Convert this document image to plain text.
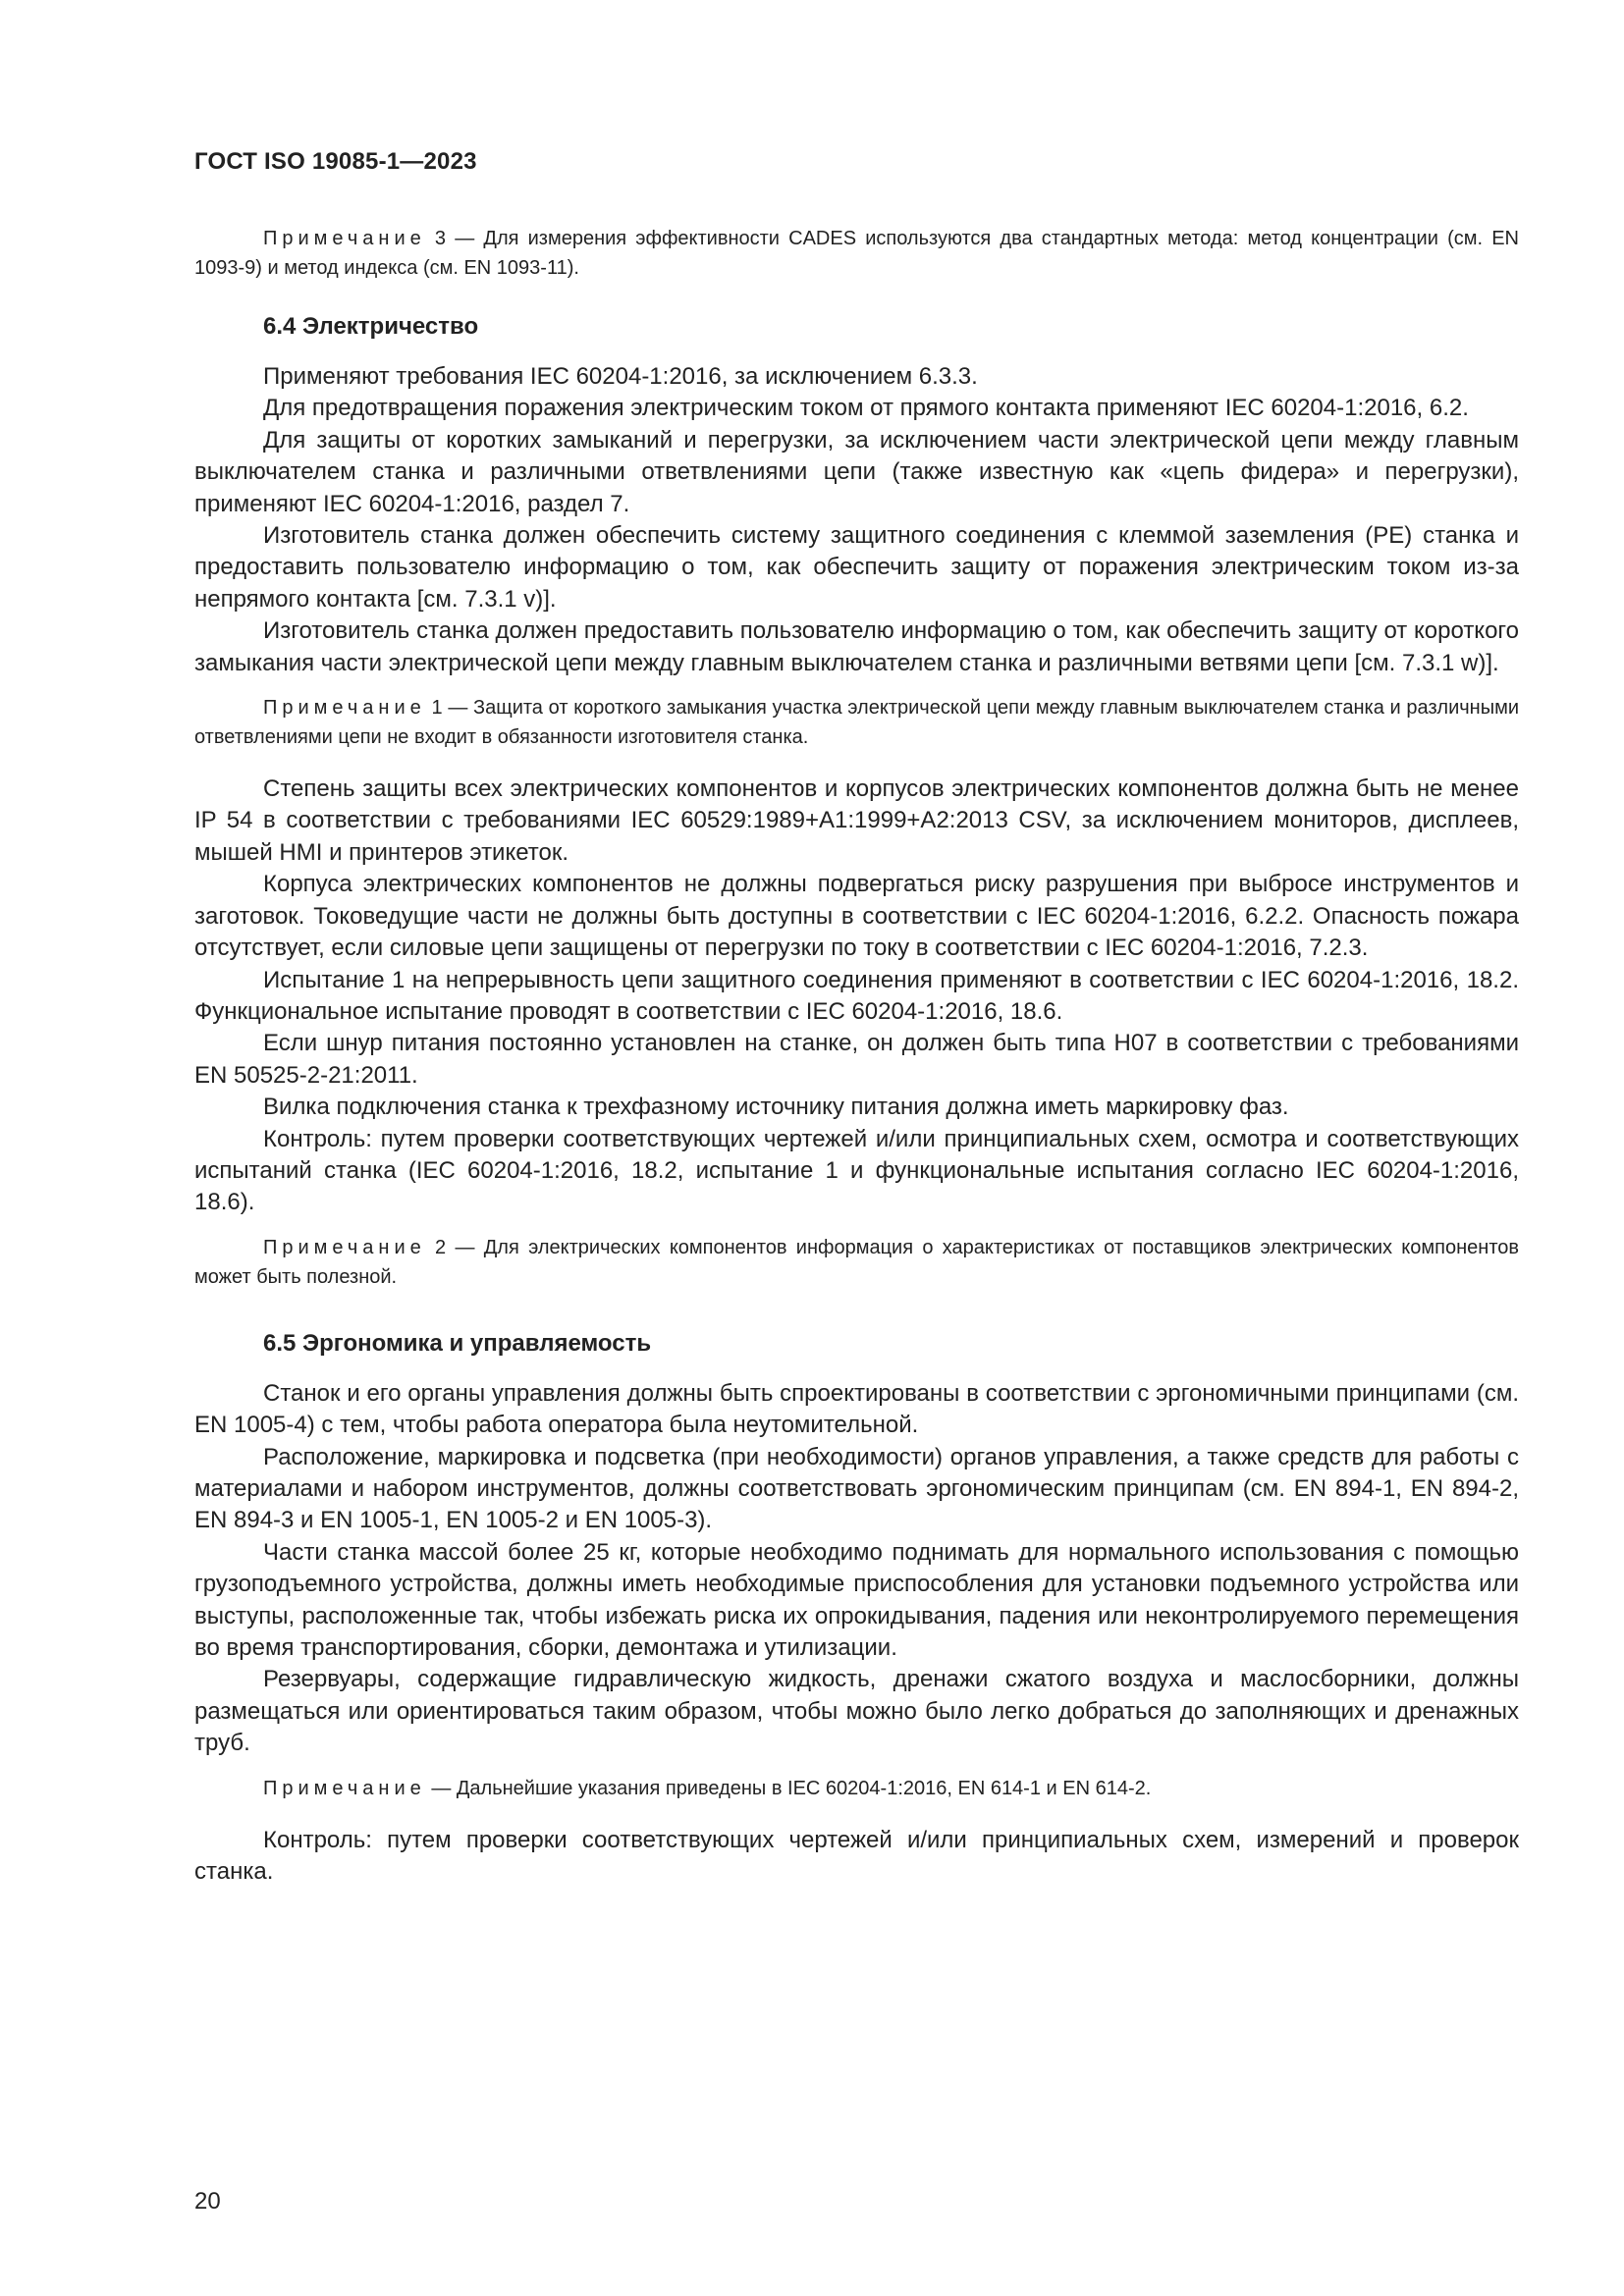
ГОСТ ISO 19085-1—2023

Примечание 3 — Для измерения эффективности CADES используются два стандартных метода: метод концентрации (см. EN 1093-9) и метод индекса (см. EN 1093-11).

6.4 Электричество

Применяют требования IEC 60204-1:2016, за исключением 6.3.3.

Для предотвращения поражения электрическим током от прямого контакта применяют IEC 60204-1:2016, 6.2.

Для защиты от коротких замыканий и перегрузки, за исключением части электрической цепи между главным выключателем станка и различными ответвлениями цепи (также известную как «цепь фидера» и перегрузки), применяют IEC 60204-1:2016, раздел 7.

Изготовитель станка должен обеспечить систему защитного соединения с клеммой заземления (PE) станка и предоставить пользователю информацию о том, как обеспечить защиту от поражения электрическим током из-за непрямого контакта [см. 7.3.1 v)].

Изготовитель станка должен предоставить пользователю информацию о том, как обеспечить защиту от короткого замыкания части электрической цепи между главным выключателем станка и различными ветвями цепи [см. 7.3.1 w)].

Примечание 1 — Защита от короткого замыкания участка электрической цепи между главным выключателем станка и различными ответвлениями цепи не входит в обязанности изготовителя станка.

Степень защиты всех электрических компонентов и корпусов электрических компонентов должна быть не менее IP 54 в соответствии с требованиями IEC 60529:1989+A1:1999+A2:2013 CSV, за исключением мониторов, дисплеев, мышей HMI и принтеров этикеток.

Корпуса электрических компонентов не должны подвергаться риску разрушения при выбросе инструментов и заготовок. Токоведущие части не должны быть доступны в соответствии с IEC 60204-1:2016, 6.2.2. Опасность пожара отсутствует, если силовые цепи защищены от перегрузки по току в соответствии с IEC 60204-1:2016, 7.2.3.

Испытание 1 на непрерывность цепи защитного соединения применяют в соответствии с IEC 60204-1:2016, 18.2. Функциональное испытание проводят в соответствии с IEC 60204-1:2016, 18.6.

Если шнур питания постоянно установлен на станке, он должен быть типа H07 в соответствии с требованиями EN 50525-2-21:2011.

Вилка подключения станка к трехфазному источнику питания должна иметь маркировку фаз.

Контроль: путем проверки соответствующих чертежей и/или принципиальных схем, осмотра и соответствующих испытаний станка (IEC 60204-1:2016, 18.2, испытание 1 и функциональные испытания согласно IEC 60204-1:2016, 18.6).

Примечание 2 — Для электрических компонентов информация о характеристиках от поставщиков электрических компонентов может быть полезной.

6.5 Эргономика и управляемость

Станок и его органы управления должны быть спроектированы в соответствии с эргономичными принципами (см. EN 1005-4) с тем, чтобы работа оператора была неутомительной.

Расположение, маркировка и подсветка (при необходимости) органов управления, а также средств для работы с материалами и набором инструментов, должны соответствовать эргономическим принципам (см. EN 894-1, EN 894-2, EN 894-3 и EN 1005-1, EN 1005-2 и EN 1005-3).

Части станка массой более 25 кг, которые необходимо поднимать для нормального использования с помощью грузоподъемного устройства, должны иметь необходимые приспособления для установки подъемного устройства или выступы, расположенные так, чтобы избежать риска их опрокидывания, падения или неконтролируемого перемещения во время транспортирования, сборки, демонтажа и утилизации.

Резервуары, содержащие гидравлическую жидкость, дренажи сжатого воздуха и маслосборники, должны размещаться или ориентироваться таким образом, чтобы можно было легко добраться до заполняющих и дренажных труб.

Примечание — Дальнейшие указания приведены в IEC 60204-1:2016, EN 614-1 и EN 614-2.

Контроль: путем проверки соответствующих чертежей и/или принципиальных схем, измерений и проверок станка.

20
